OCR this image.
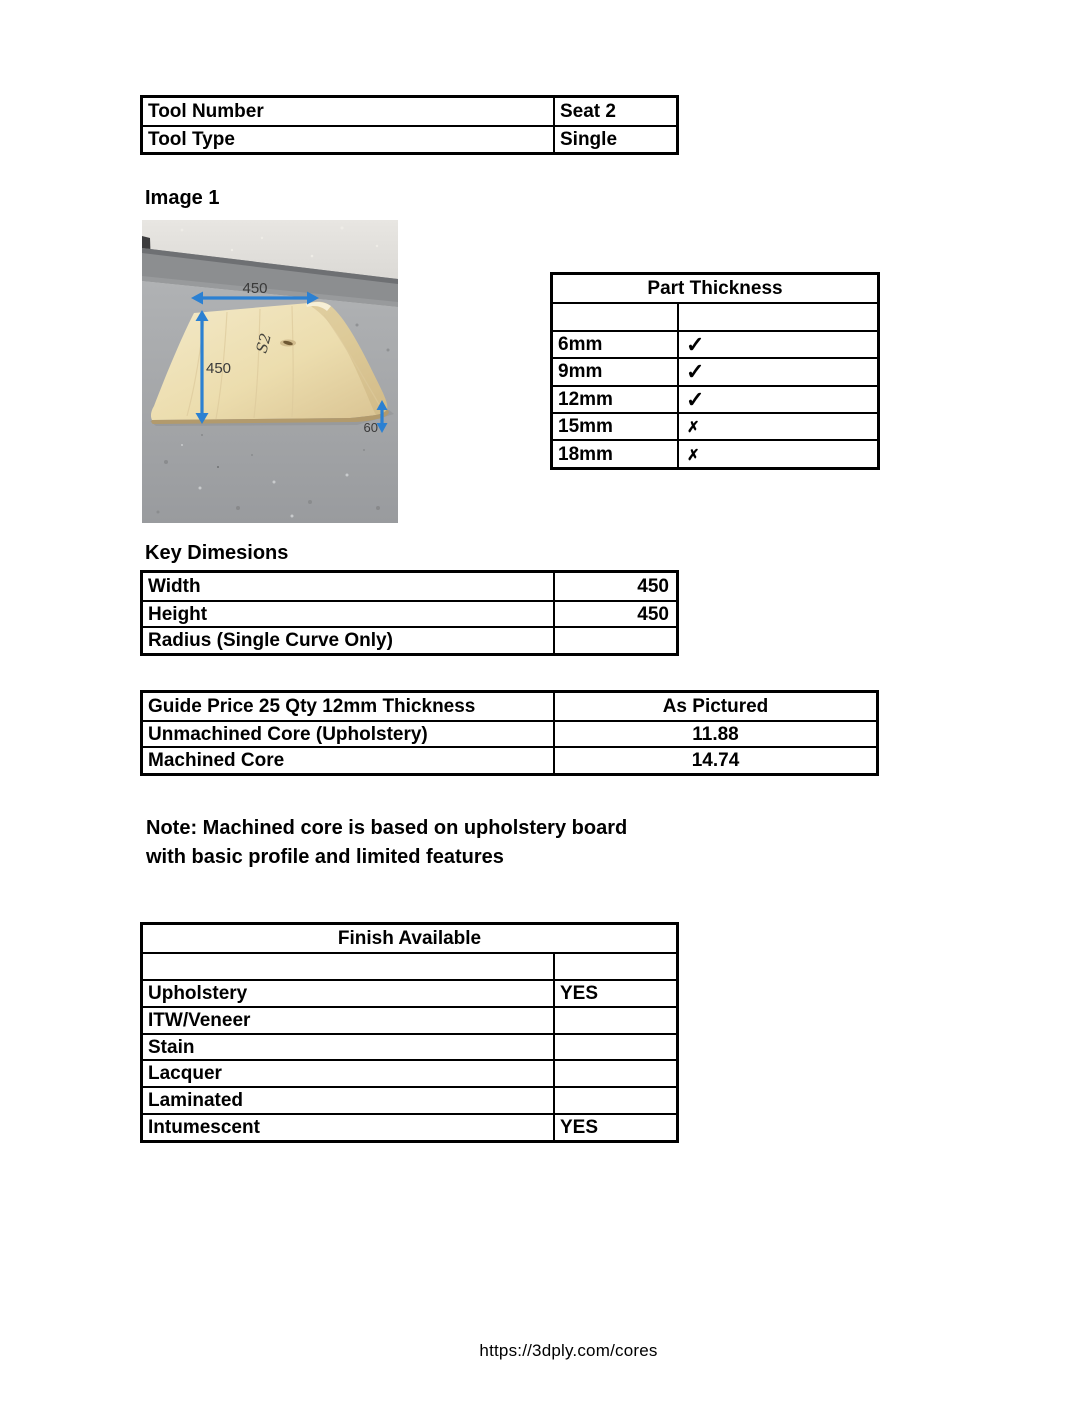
Tool Number	Seat 2
Tool Type	Single
Image 1
S2
450
450
60
Part Thickness
6mm	✓
9mm	✓
12mm	✓
15mm	✗
18mm	✗
Key Dimesions
Width	450
Height	450
Radius (Single Curve Only)
Guide Price 25 Qty 12mm Thickness	As Pictured
Unmachined Core (Upholstery)	11.88
Machined Core	14.74
Note: Machined core is based on upholstery board
with basic profile and limited features
Finish Available
Upholstery	YES
ITW/Veneer
Stain
Lacquer
Laminated
Intumescent	YES
https://3dply.com/cores
